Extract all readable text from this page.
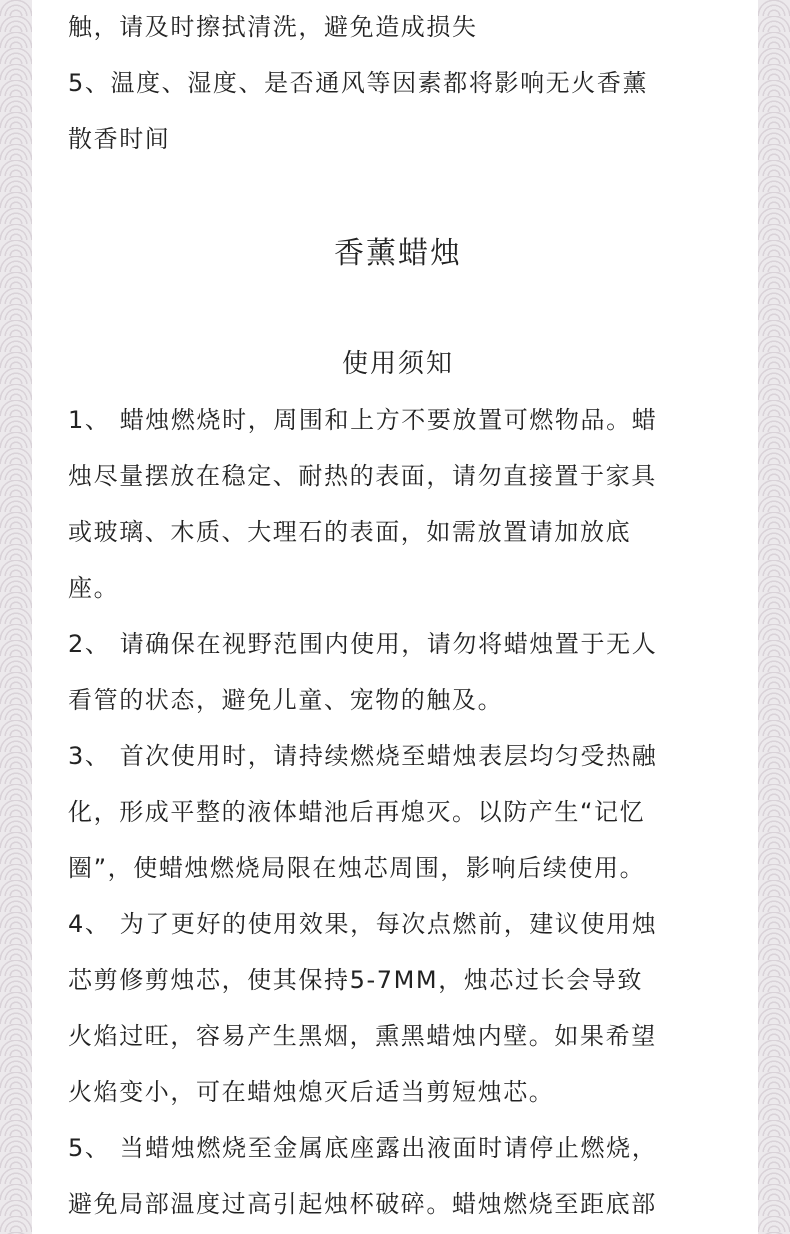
触，请及时擦拭清洗，避免造成损失
5、温度、湿度、是否通风等因素都将影响无火香薰
散香时间
香薰蜡烛
使用须知
1、 蜡烛燃烧时，周围和上方不要放置可燃物品。蜡
烛尽量摆放在稳定、耐热的表面，请勿直接置于家具
或玻璃、木质、大理石的表面，如需放置请加放底
座。
2、 请确保在视野范围内使用，请勿将蜡烛置于无人
看管的状态，避免儿童、宠物的触及。
3、 首次使用时，请持续燃烧至蜡烛表层均匀受热融
化，形成平整的液体蜡池后再熄灭。以防产生“记忆
圈”，使蜡烛燃烧局限在烛芯周围，影响后续使用。
4、 为了更好的使用效果，每次点燃前，建议使用烛
芯剪修剪烛芯，使其保持5-7MM，烛芯过长会导致
火焰过旺，容易产生黑烟，熏黑蜡烛内壁。如果希望
火焰变小，可在蜡烛熄灭后适当剪短烛芯。
5、 当蜡烛燃烧至金属底座露出液面时请停止燃烧，
避免局部温度过高引起烛杯破碎。蜡烛燃烧至距底部
